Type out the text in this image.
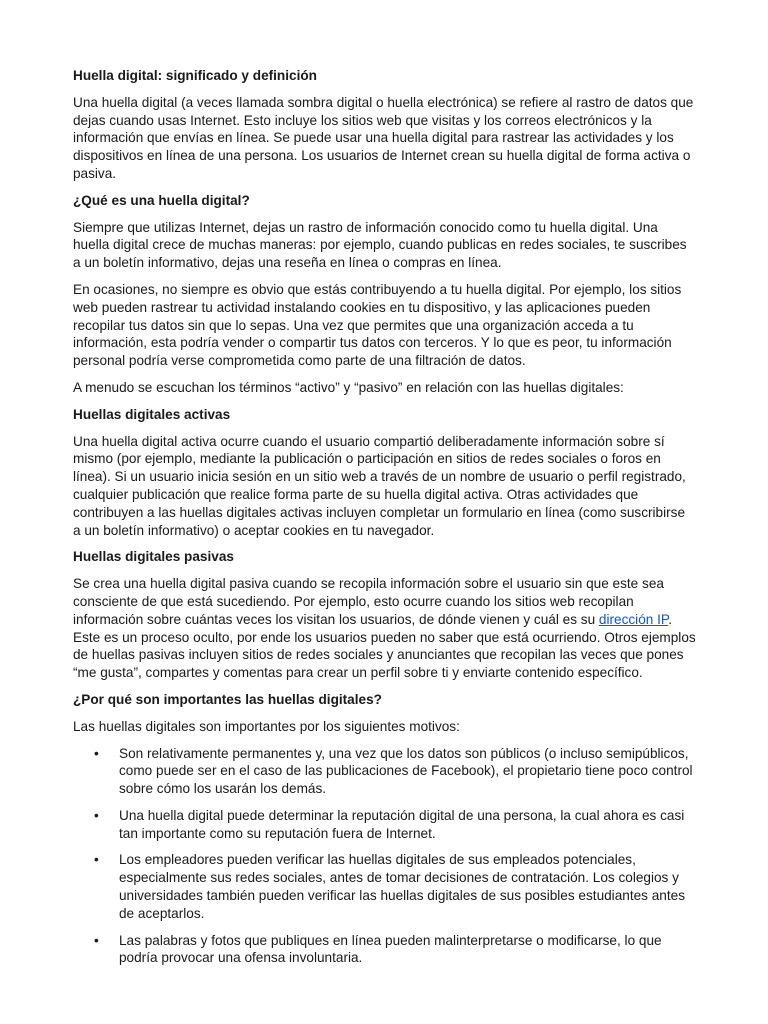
Huella digital: significado y definición

Una huella digital (a veces llamada sombra digital o huella electrónica) se refiere al rastro de datos que dejas cuando usas Internet. Esto incluye los sitios web que visitas y los correos electrónicos y la información que envías en línea. Se puede usar una huella digital para rastrear las actividades y los dispositivos en línea de una persona. Los usuarios de Internet crean su huella digital de forma activa o pasiva.

¿Qué es una huella digital?

Siempre que utilizas Internet, dejas un rastro de información conocido como tu huella digital. Una huella digital crece de muchas maneras: por ejemplo, cuando publicas en redes sociales, te suscribes a un boletín informativo, dejas una reseña en línea o compras en línea.

En ocasiones, no siempre es obvio que estás contribuyendo a tu huella digital. Por ejemplo, los sitios web pueden rastrear tu actividad instalando cookies en tu dispositivo, y las aplicaciones pueden recopilar tus datos sin que lo sepas. Una vez que permites que una organización acceda a tu información, esta podría vender o compartir tus datos con terceros. Y lo que es peor, tu información personal podría verse comprometida como parte de una filtración de datos.

A menudo se escuchan los términos “activo” y “pasivo” en relación con las huellas digitales:

Huellas digitales activas

Una huella digital activa ocurre cuando el usuario compartió deliberadamente información sobre sí mismo (por ejemplo, mediante la publicación o participación en sitios de redes sociales o foros en línea). Si un usuario inicia sesión en un sitio web a través de un nombre de usuario o perfil registrado, cualquier publicación que realice forma parte de su huella digital activa. Otras actividades que contribuyen a las huellas digitales activas incluyen completar un formulario en línea (como suscribirse a un boletín informativo) o aceptar cookies en tu navegador.

Huellas digitales pasivas

Se crea una huella digital pasiva cuando se recopila información sobre el usuario sin que este sea consciente de que está sucediendo. Por ejemplo, esto ocurre cuando los sitios web recopilan información sobre cuántas veces los visitan los usuarios, de dónde vienen y cuál es su dirección IP. Este es un proceso oculto, por ende los usuarios pueden no saber que está ocurriendo. Otros ejemplos de huellas pasivas incluyen sitios de redes sociales y anunciantes que recopilan las veces que pones “me gusta”, compartes y comentas para crear un perfil sobre ti y enviarte contenido específico.

¿Por qué son importantes las huellas digitales?

Las huellas digitales son importantes por los siguientes motivos:

• Son relativamente permanentes y, una vez que los datos son públicos (o incluso semipúblicos, como puede ser en el caso de las publicaciones de Facebook), el propietario tiene poco control sobre cómo los usarán los demás.
• Una huella digital puede determinar la reputación digital de una persona, la cual ahora es casi tan importante como su reputación fuera de Internet.
• Los empleadores pueden verificar las huellas digitales de sus empleados potenciales, especialmente sus redes sociales, antes de tomar decisiones de contratación. Los colegios y universidades también pueden verificar las huellas digitales de sus posibles estudiantes antes de aceptarlos.
• Las palabras y fotos que publiques en línea pueden malinterpretarse o modificarse, lo que podría provocar una ofensa involuntaria.
